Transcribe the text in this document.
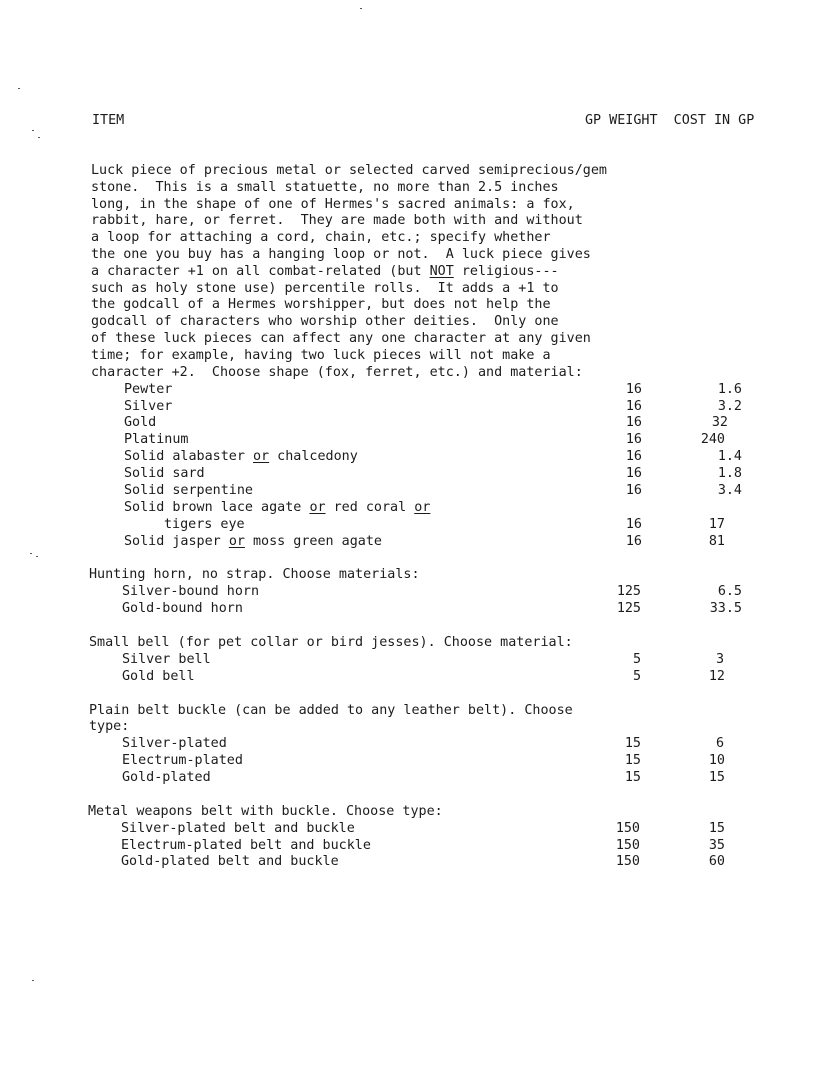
ITEM	GP WEIGHT  COST IN GP

Luck piece of precious metal or selected carved semiprecious/gem
stone.  This is a small statuette, no more than 2.5 inches
long, in the shape of one of Hermes's sacred animals: a fox,
rabbit, hare, or ferret.  They are made both with and without
a loop for attaching a cord, chain, etc.; specify whether
the one you buy has a hanging loop or not.  A luck piece gives
a character +1 on all combat-related (but NOT religious---
such as holy stone use) percentile rolls.  It adds a +1 to
the godcall of a Hermes worshipper, but does not help the
godcall of characters who worship other deities.  Only one
of these luck pieces can affect any one character at any given
time; for example, having two luck pieces will not make a
character +2.  Choose shape (fox, ferret, etc.) and material:

Pewter	16	1.6
Silver	16	3.2
Gold	16	32
Platinum	16	240
Solid alabaster or chalcedony	16	1.4
Solid sard	16	1.8
Solid serpentine	16	3.4
Solid brown lace agate or red coral or
tigers eye	16	17
Solid jasper or moss green agate	16	81
Hunting horn, no strap. Choose materials:
Silver-bound horn	125	6.5
Gold-bound horn	125	33.5
Small bell (for pet collar or bird jesses). Choose material:
Silver bell	5	3
Gold bell	5	12
Plain belt buckle (can be added to any leather belt). Choose
type:
Silver-plated	15	6
Electrum-plated	15	10
Gold-plated	15	15
Metal weapons belt with buckle. Choose type:
Silver-plated belt and buckle	150	15
Electrum-plated belt and buckle	150	35
Gold-plated belt and buckle	150	60
